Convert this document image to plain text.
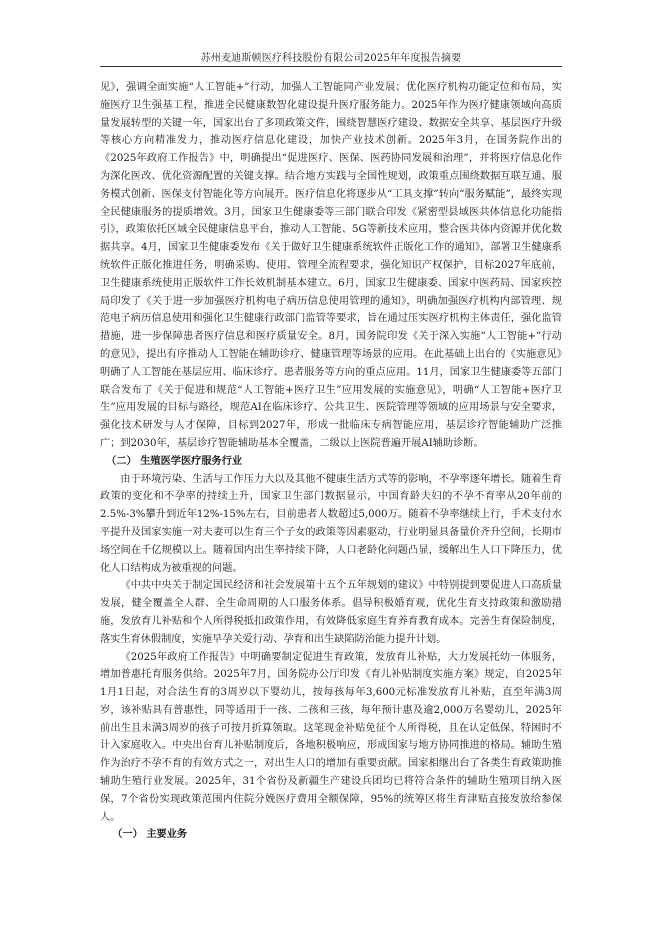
苏州麦迪斯顿医疗科技股份有限公司2025年年度报告摘要

见》，强调全面实施“人工智能+”行动，加强人工智能同产业发展；优化医疗机构功能定位和布局，实施医疗卫生强基工程，推进全民健康数智化建设提升医疗服务能力。2025年作为医疗健康领域向高质量发展转型的关键一年，国家出台了多项政策文件，围绕智慧医疗建设、数据安全共享、基层医疗升级等核心方向精准发力，推动医疗信息化建设，加快产业技术创新。2025年3月，在国务院作出的《2025年政府工作报告》中，明确提出“促进医疗、医保、医药协同发展和治理”，并将医疗信息化作为深化医改、优化资源配置的关键支撑。结合地方实践与全国性规划，政策重点围绕数据互联互通、服务模式创新、医保支付智能化等方向展开。医疗信息化将逐步从“工具支撑”转向“服务赋能”，最终实现全民健康服务的提质增效。3月，国家卫生健康委等三部门联合印发《紧密型县域医共体信息化功能指引》，政策依托区域全民健康信息平台，推动人工智能、5G等新技术应用，整合医共体内资源并优化数据共享。4月，国家卫生健康委发布《关于做好卫生健康系统软件正版化工作的通知》，部署卫生健康系统软件正版化推进任务，明确采购、使用、管理全流程要求，强化知识产权保护，目标2027年底前，卫生健康系统使用正版软件工作长效机制基本建立。6月，国家卫生健康委、国家中医药局、国家疾控局印发了《关于进一步加强医疗机构电子病历信息使用管理的通知》，明确加强医疗机构内部管理、规范电子病历信息使用和强化卫生健康行政部门监管等要求，旨在通过压实医疗机构主体责任，强化监管措施，进一步保障患者医疗信息和医疗质量安全。8月，国务院印发《关于深入实施“人工智能+”行动的意见》，提出有序推动人工智能在辅助诊疗、健康管理等场景的应用。在此基础上出台的《实施意见》明确了人工智能在基层应用、临床诊疗、患者服务等方向的重点应用。11月，国家卫生健康委等五部门联合发布了《关于促进和规范“人工智能+医疗卫生”应用发展的实施意见》，明确“人工智能+医疗卫生”应用发展的目标与路径，规范AI在临床诊疗、公共卫生、医院管理等领域的应用场景与安全要求，强化技术研发与人才保障，目标到2027年，形成一批临床专病智能应用，基层诊疗智能辅助广泛推广；到2030年，基层诊疗智能辅助基本全覆盖，二级以上医院普遍开展AI辅助诊断。

（二） 生殖医学医疗服务行业

由于环境污染、生活与工作压力大以及其他不健康生活方式等的影响，不孕率逐年增长。随着生育政策的变化和不孕率的持续上升，国家卫生部门数据显示，中国育龄夫妇的不孕不育率从20年前的2.5%-3%攀升到近年12%-15%左右，目前患者人数超过5,000万。随着不孕率继续上行，手术支付水平提升及国家实施一对夫妻可以生育三个子女的政策等因素驱动，行业明显具备量价齐升空间，长期市场空间在千亿规模以上。随着国内出生率持续下降，人口老龄化问题凸显，缓解出生人口下降压力，优化人口结构成为被重视的问题。

《中共中央关于制定国民经济和社会发展第十五个五年规划的建议》中特别提到要促进人口高质量发展，健全覆盖全人群、全生命周期的人口服务体系。倡导积极婚育观，优化生育支持政策和激励措施，发放育儿补贴和个人所得税抵扣政策作用，有效降低家庭生育养育教育成本。完善生育保险制度，落实生育休假制度，实施早孕关爱行动、孕育和出生缺陷防治能力提升计划。

《2025年政府工作报告》中明确要制定促进生育政策，发放育儿补贴，大力发展托幼一体服务，增加普惠托育服务供给。2025年7月，国务院办公厅印发《育儿补贴制度实施方案》规定，自2025年1月1日起，对合法生育的3周岁以下婴幼儿，按每孩每年3,600元标准发放育儿补贴，直至年满3周岁，该补贴具有普惠性，同等适用于一孩、二孩和三孩，每年预计惠及逾2,000万名婴幼儿，2025年前出生且未满3周岁的孩子可按月折算领取。这笔现金补贴免征个人所得税，且在认定低保、特困时不计入家庭收入。中央出台育儿补贴制度后，各地积极响应，形成国家与地方协同推进的格局。辅助生殖作为治疗不孕不育的有效方式之一，对出生人口的增加有重要贡献。国家相继出台了各类生育政策助推辅助生殖行业发展。2025年，31个省份及新疆生产建设兵团均已将符合条件的辅助生殖项目纳入医保，7个省份实现政策范围内住院分娩医疗费用全额保障，95%的统筹区将生育津贴直接发放给参保人。

（一） 主要业务
